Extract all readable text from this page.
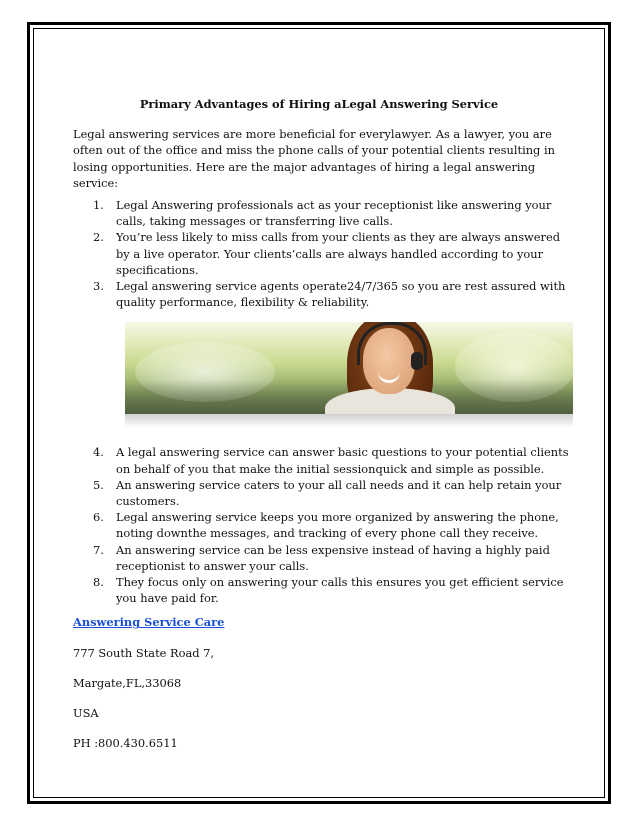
Primary Advantages of Hiring aLegal Answering Service

Legal answering services are more beneficial for everylawyer. As a lawyer, you are often out of the office and miss the phone calls of your potential clients resulting in losing opportunities. Here are the major advantages of hiring a legal answering service:

1. Legal Answering professionals act as your receptionist like answering your calls, taking messages or transferring live calls.
2. You’re less likely to miss calls from your clients as they are always answered by a live operator. Your clients’calls are always handled according to your specifications.
3. Legal answering service agents operate24/7/365 so you are rest assured with quality performance, flexibility & reliability.
4. A legal answering service can answer basic questions to your potential clients on behalf of you that make the initial sessionquick and simple as possible.
5. An answering service caters to your all call needs and it can help retain your customers.
6. Legal answering service keeps you more organized by answering the phone, noting downthe messages, and tracking of every phone call they receive.
7. An answering service can be less expensive instead of having a highly paid receptionist to answer your calls.
8. They focus only on answering your calls this ensures you get efficient service you have paid for.
Answering Service Care
777 South State Road 7,
Margate,FL,33068
USA
PH :800.430.6511
